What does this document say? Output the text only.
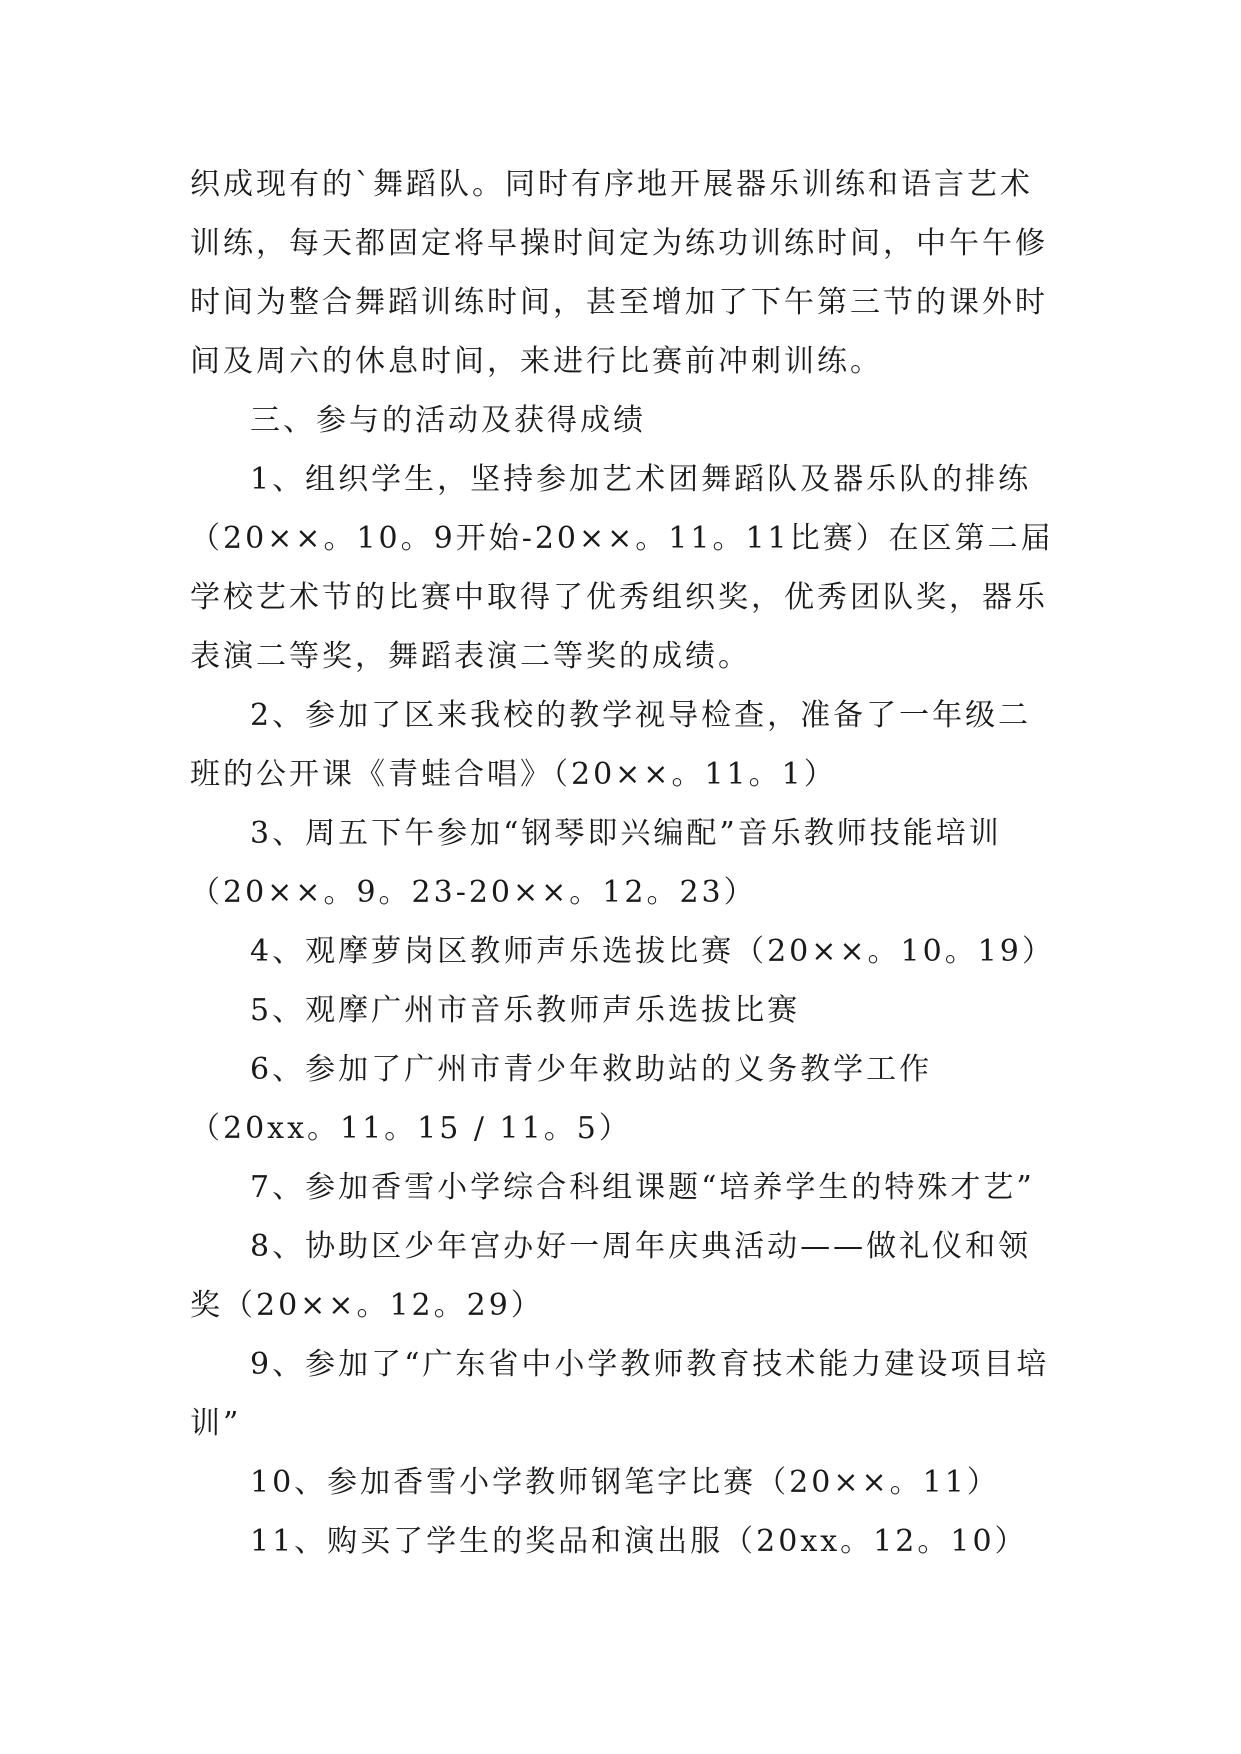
织成现有的`舞蹈队。同时有序地开展器乐训练和语言艺术训练，每天都固定将早操时间定为练功训练时间，中午午修时间为整合舞蹈训练时间，甚至增加了下午第三节的课外时间及周六的休息时间，来进行比赛前冲刺训练。

三、参与的活动及获得成绩

1、组织学生，坚持参加艺术团舞蹈队及器乐队的排练（20××。10。9开始-20××。11。11比赛）在区第二届学校艺术节的比赛中取得了优秀组织奖，优秀团队奖，器乐表演二等奖，舞蹈表演二等奖的成绩。

2、参加了区来我校的教学视导检查，准备了一年级二班的公开课《青蛙合唱》（20××。11。1）

3、周五下午参加“钢琴即兴编配”音乐教师技能培训（20××。9。23-20××。12。23）

4、观摩萝岗区教师声乐选拔比赛（20××。10。19）

5、观摩广州市音乐教师声乐选拔比赛

6、参加了广州市青少年救助站的义务教学工作（20xx。11。15 / 11。5）

7、参加香雪小学综合科组课题“培养学生的特殊才艺”

8、协助区少年宫办好一周年庆典活动——做礼仪和领奖（20××。12。29）

9、参加了“广东省中小学教师教育技术能力建设项目培训”

10、参加香雪小学教师钢笔字比赛（20××。11）

11、购买了学生的奖品和演出服（20xx。12。10）
